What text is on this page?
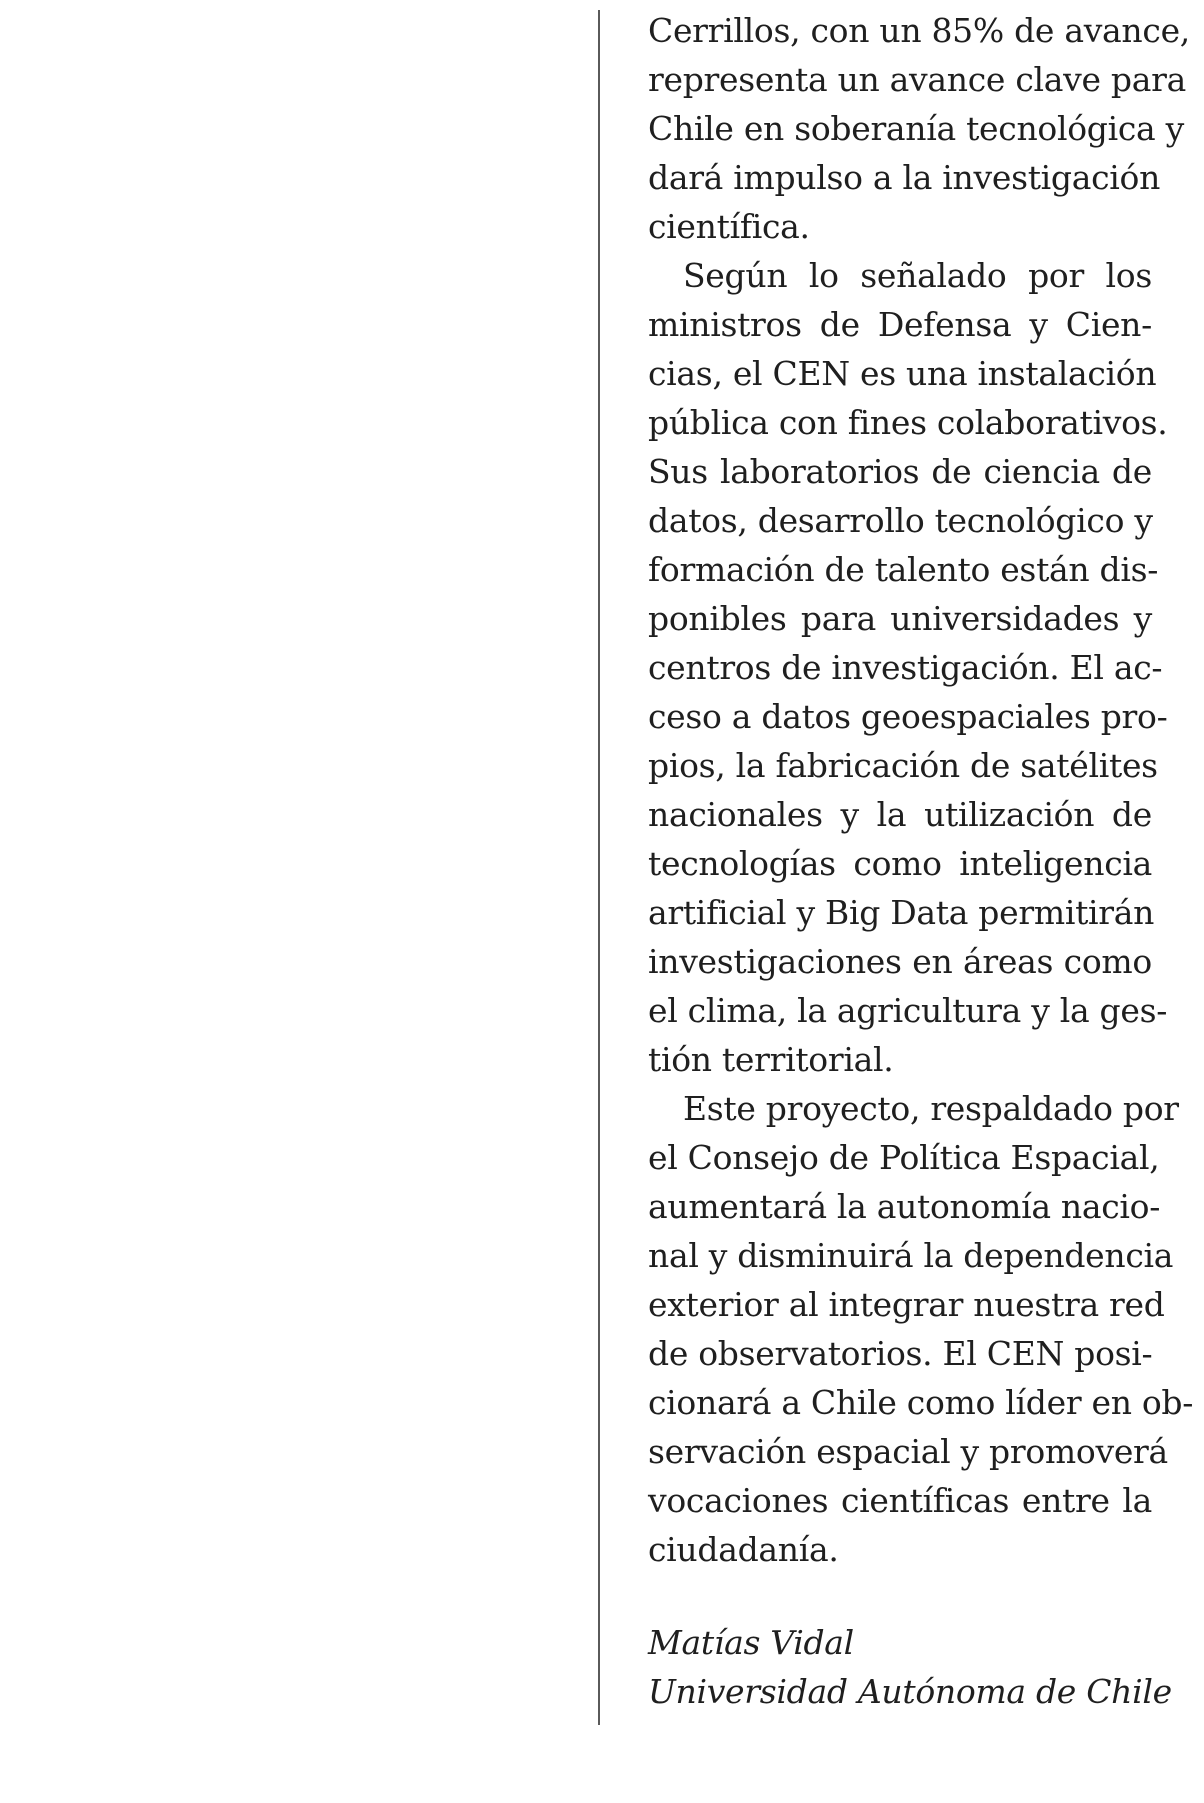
Cerrillos, con un 85% de avance,
representa un avance clave para
Chile en soberanía tecnológica y
dará impulso a la investigación
científica.
Según lo señalado por los
ministros de Defensa y Cien-
cias, el CEN es una instalación
pública con fines colaborativos.
Sus laboratorios de ciencia de
datos, desarrollo tecnológico y
formación de talento están dis-
ponibles para universidades y
centros de investigación. El ac-
ceso a datos geoespaciales pro-
pios, la fabricación de satélites
nacionales y la utilización de
tecnologías como inteligencia
artificial y Big Data permitirán
investigaciones en áreas como
el clima, la agricultura y la ges-
tión territorial.
Este proyecto, respaldado por
el Consejo de Política Espacial,
aumentará la autonomía nacio-
nal y disminuirá la dependencia
exterior al integrar nuestra red
de observatorios. El CEN posi-
cionará a Chile como líder en ob-
servación espacial y promoverá
vocaciones científicas entre la
ciudadanía.
Matías Vidal
Universidad Autónoma de Chile
